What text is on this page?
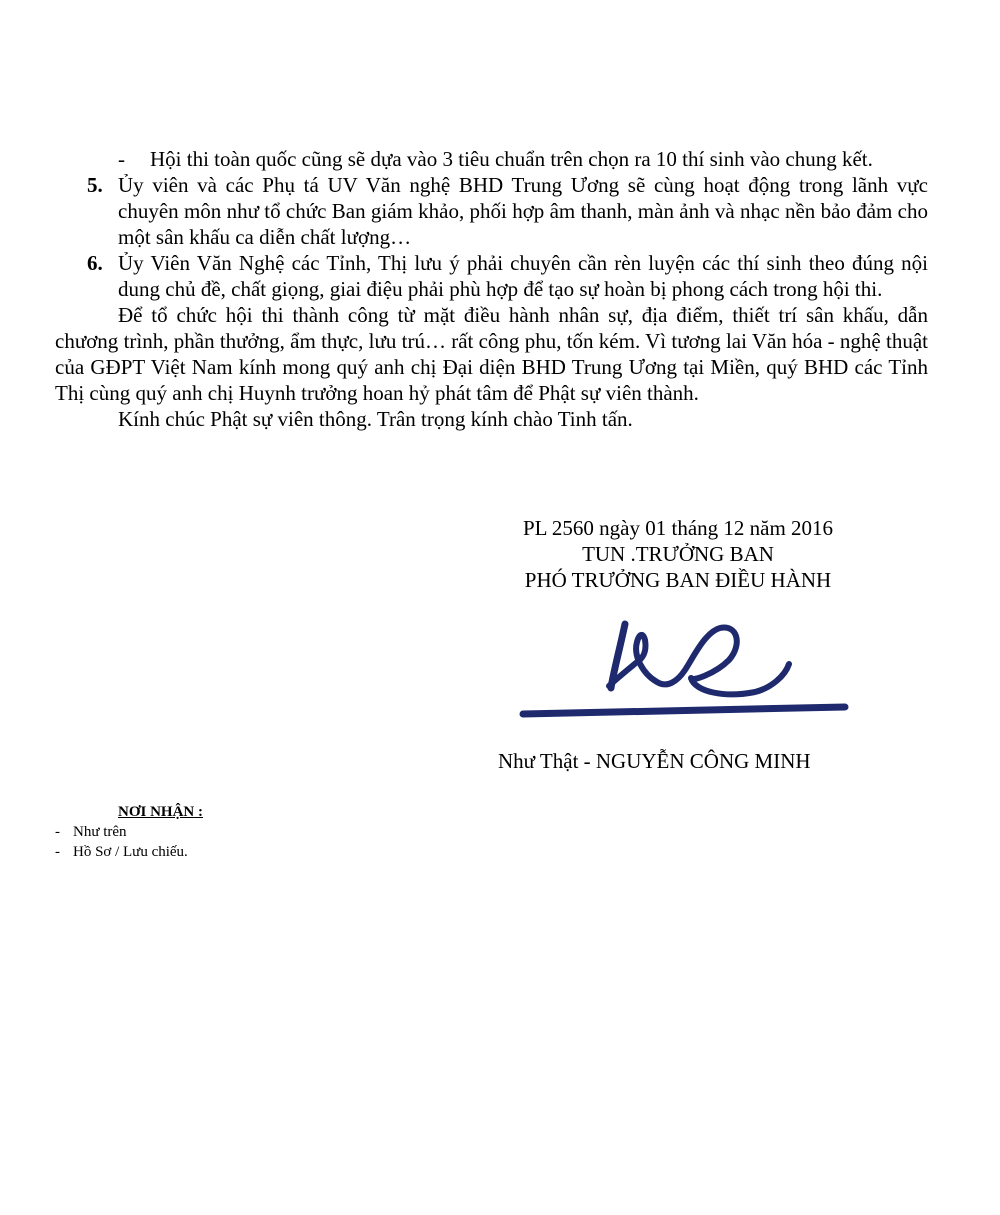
- Hội thi toàn quốc cũng sẽ dựa vào 3 tiêu chuẩn trên chọn ra 10 thí sinh vào chung kết.
5. Ủy viên và các Phụ tá UV Văn nghệ BHD Trung Ương sẽ cùng hoạt động trong lãnh vực chuyên môn như tổ chức Ban giám khảo, phối hợp âm thanh, màn ảnh và nhạc nền bảo đảm cho một sân khấu ca diễn chất lượng…
6. Ủy Viên Văn Nghệ các Tỉnh, Thị lưu ý phải chuyên cần rèn luyện các thí sinh theo đúng nội dung chủ đề, chất giọng, giai điệu phải phù hợp để tạo sự hoàn bị phong cách trong hội thi.

Để tổ chức hội thi thành công từ mặt điều hành nhân sự, địa điểm, thiết trí sân khấu, dẫn chương trình, phần thưởng, ẩm thực, lưu trú… rất công phu, tốn kém. Vì tương lai Văn hóa - nghệ thuật của GĐPT Việt Nam kính mong quý anh chị Đại diện BHD Trung Ương tại Miền, quý BHD các Tỉnh Thị cùng quý anh chị Huynh trưởng hoan hỷ phát tâm để Phật sự viên thành.

Kính chúc Phật sự viên thông. Trân trọng kính chào Tinh tấn.

PL 2560 ngày 01 tháng 12 năm 2016
TUN .TRƯỞNG BAN
PHÓ TRƯỞNG BAN ĐIỀU HÀNH
Như Thật - NGUYỄN CÔNG MINH
NƠI NHẬN :
- Như trên
- Hồ Sơ / Lưu chiếu.
